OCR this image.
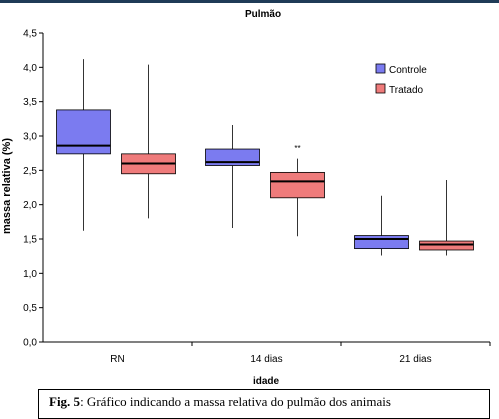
Pulmão
massa relativa (%)
idade
0,0
0,5
1,0
1,5
2,0
2,5
3,0
3,5
4,0
4,5
RN	14 dias	21 dias
**
Controle
Tratado
Fig. 5: Gráfico indicando a massa relativa do pulmão dos animais
